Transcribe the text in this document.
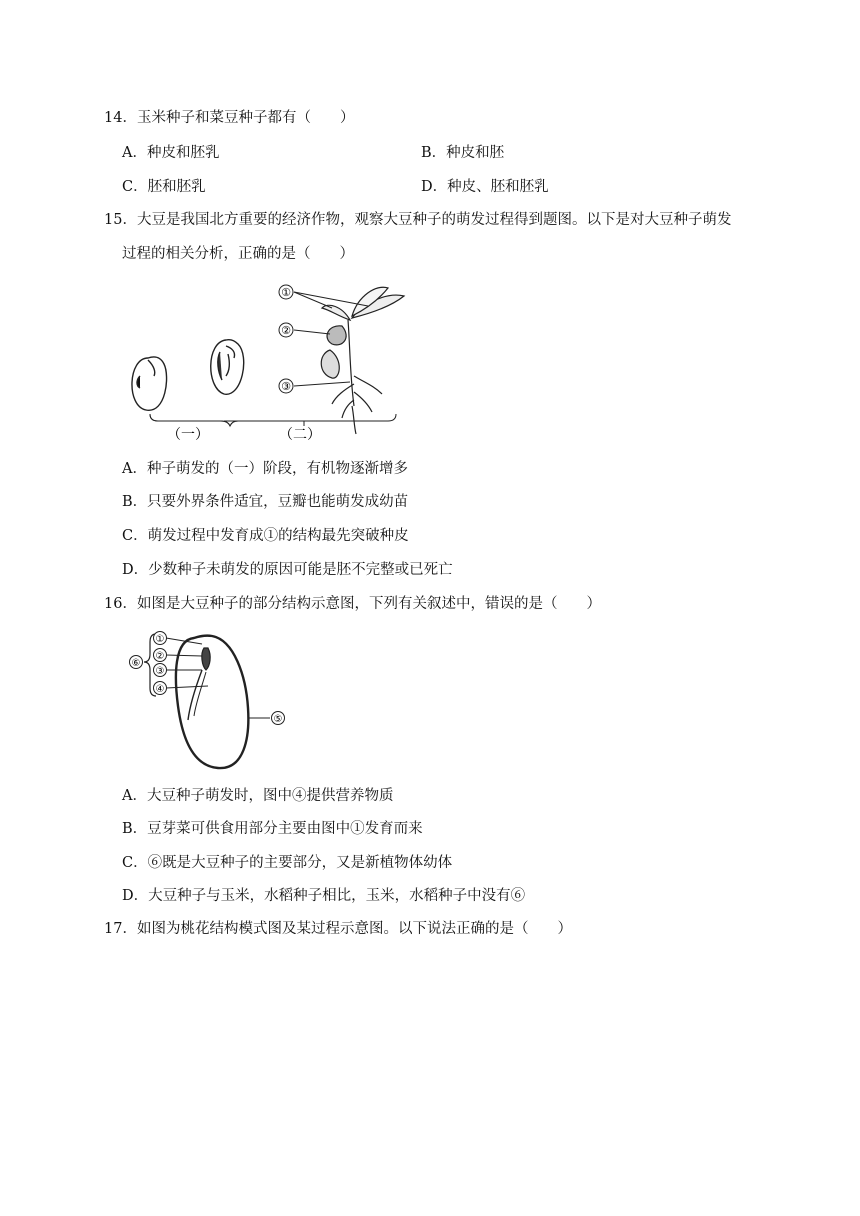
14．玉米种子和菜豆种子都有（　　）
A．种皮和胚乳	B．种皮和胚
C．胚和胚乳	D．种皮、胚和胚乳
15．大豆是我国北方重要的经济作物，观察大豆种子的萌发过程得到题图。以下是对大豆种子萌发
过程的相关分析，正确的是（　　）
①
②
③
（一）	（二）
A．种子萌发的（一）阶段，有机物逐渐增多
B．只要外界条件适宜，豆瓣也能萌发成幼苗
C．萌发过程中发育成①的结构最先突破种皮
D．少数种子未萌发的原因可能是胚不完整或已死亡
16．如图是大豆种子的部分结构示意图，下列有关叙述中，错误的是（　　）
①
②
③
④
⑤
⑥
A．大豆种子萌发时，图中④提供营养物质
B．豆芽菜可供食用部分主要由图中①发育而来
C．⑥既是大豆种子的主要部分，又是新植物体幼体
D．大豆种子与玉米，水稻种子相比，玉米，水稻种子中没有⑥
17．如图为桃花结构模式图及某过程示意图。以下说法正确的是（　　）
